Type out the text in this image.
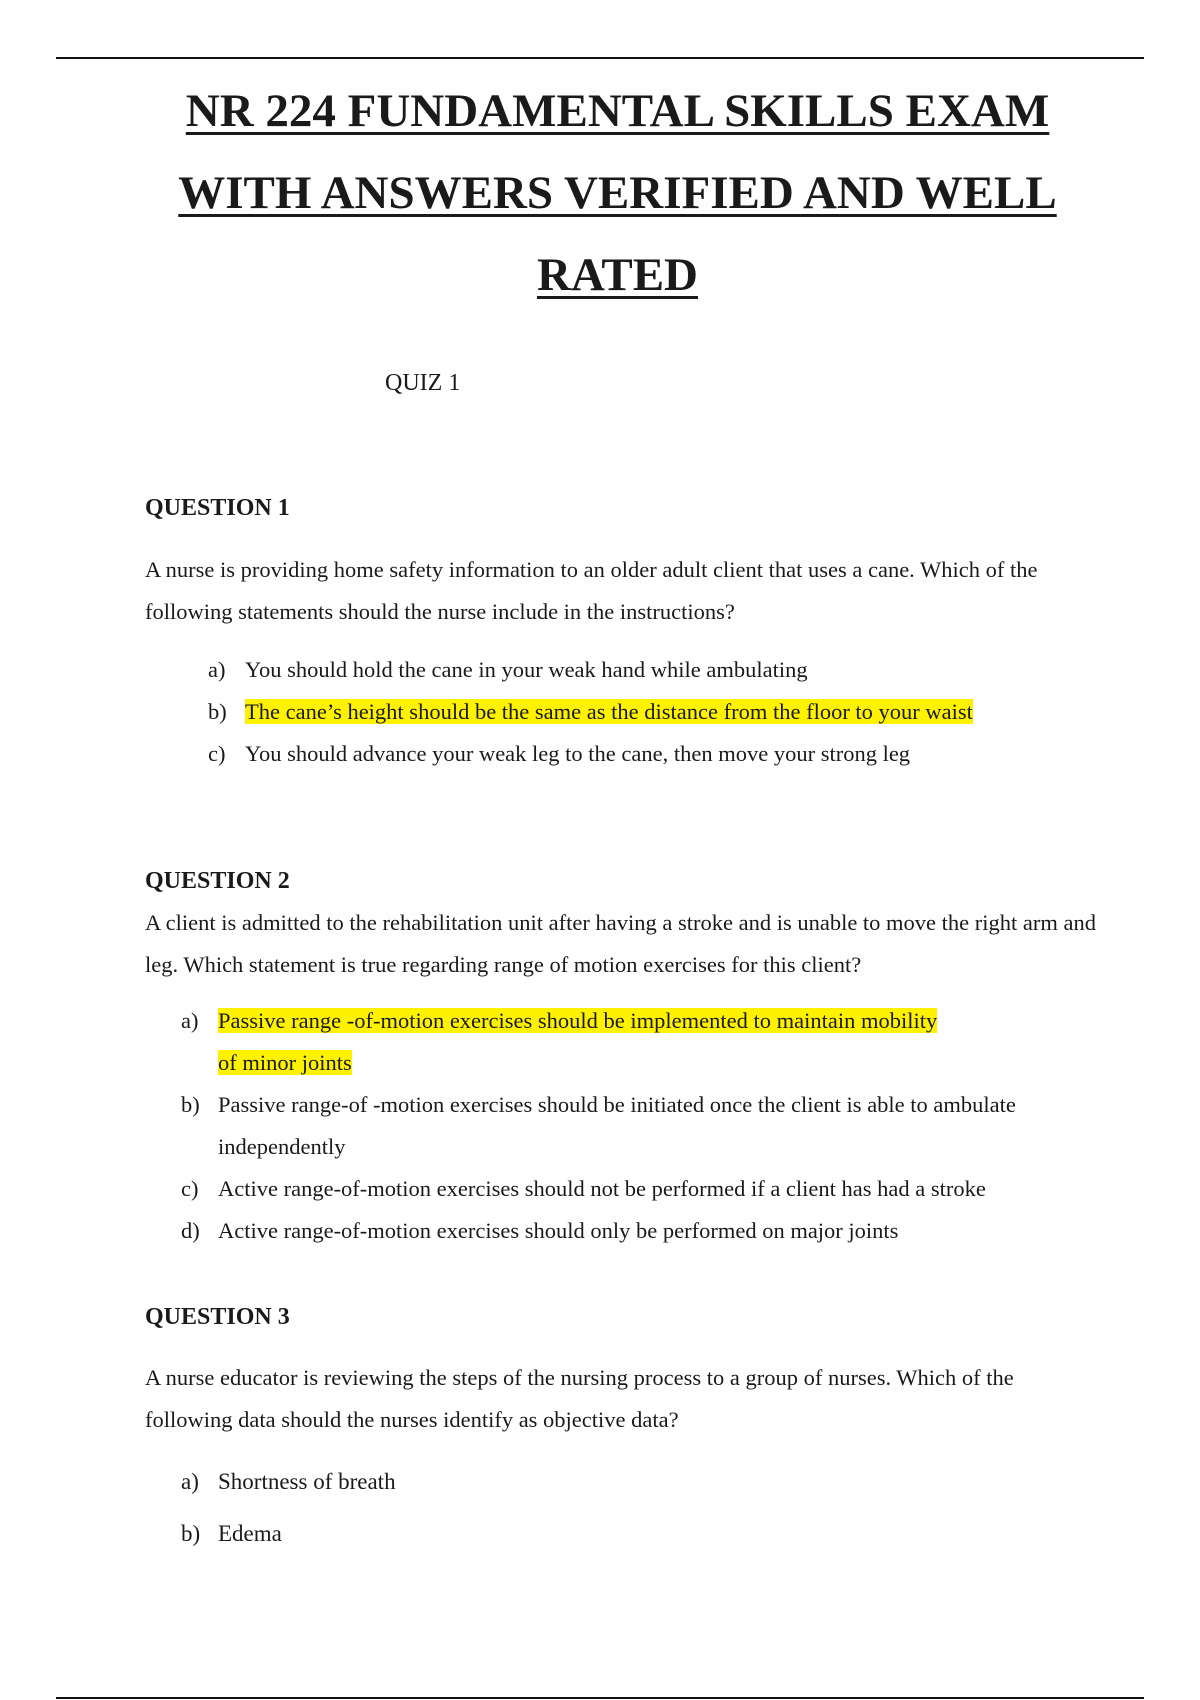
NR 224 FUNDAMENTAL SKILLS EXAM
WITH ANSWERS VERIFIED AND WELL
RATED
QUIZ 1
QUESTION 1

A nurse is providing home safety information to an older adult client that uses a cane. Which of the following statements should the nurse include in the instructions?

a) You should hold the cane in your weak hand while ambulating
b) The cane’s height should be the same as the distance from the floor to your waist
c) You should advance your weak leg to the cane, then move your strong leg
QUESTION 2

A client is admitted to the rehabilitation unit after having a stroke and is unable to move the right arm and leg. Which statement is true regarding range of motion exercises for this client?

a) Passive range -of-motion exercises should be implemented to maintain mobility of minor joints
b) Passive range-of -motion exercises should be initiated once the client is able to ambulate independently
c) Active range-of-motion exercises should not be performed if a client has had a stroke
d) Active range-of-motion exercises should only be performed on major joints
QUESTION 3

A nurse educator is reviewing the steps of the nursing process to a group of nurses. Which of the following data should the nurses identify as objective data?

a) Shortness of breath
b) Edema
